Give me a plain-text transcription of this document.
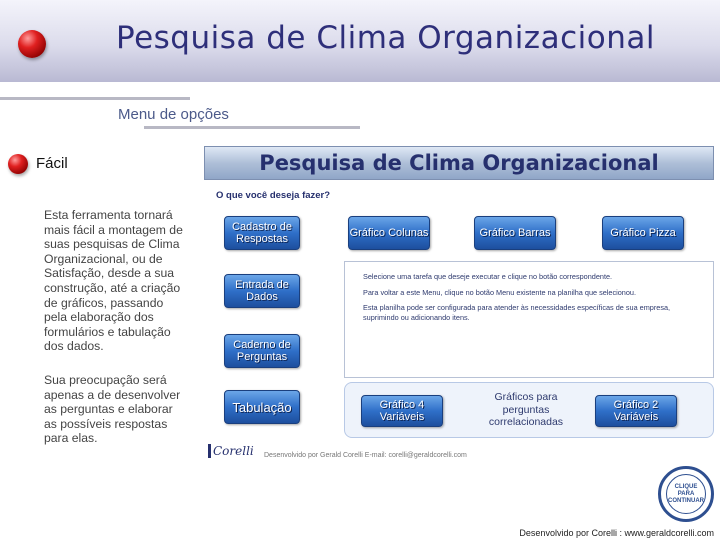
Pesquisa de Clima Organizacional
Menu de opções
Fácil
Esta ferramenta tornará mais fácil a montagem de suas pesquisas de Clima Organizacional, ou de Satisfação, desde a sua construção, até a criação de gráficos, passando pela elaboração dos formulários e tabulação dos dados.
Sua preocupação será apenas a de desenvolver as perguntas e elaborar as possíveis respostas para elas.
Pesquisa de Clima Organizacional
O que você deseja fazer?
Cadastro de Respostas
Entrada de Dados
Caderno de Perguntas
Tabulação
Gráfico Colunas	Gráfico Barras	Gráfico Pizza

Selecione uma tarefa que deseje executar e clique no botão correspondente.

Para voltar a este Menu, clique no botão Menu existente na planilha que selecionou.

Esta planilha pode ser configurada para atender às necessidades específicas de sua empresa, suprimindo ou adicionando itens.

Gráfico 4 Variáveis
Gráficos para perguntas correlacionadas
Gráfico 2 Variáveis
Corelli Desenvolvido por Gerald Corelli E-mail: corelli@geraldcorelli.com
CLIQUE PARA CONTINUAR
Desenvolvido por Corelli : www.geraldcorelli.com
